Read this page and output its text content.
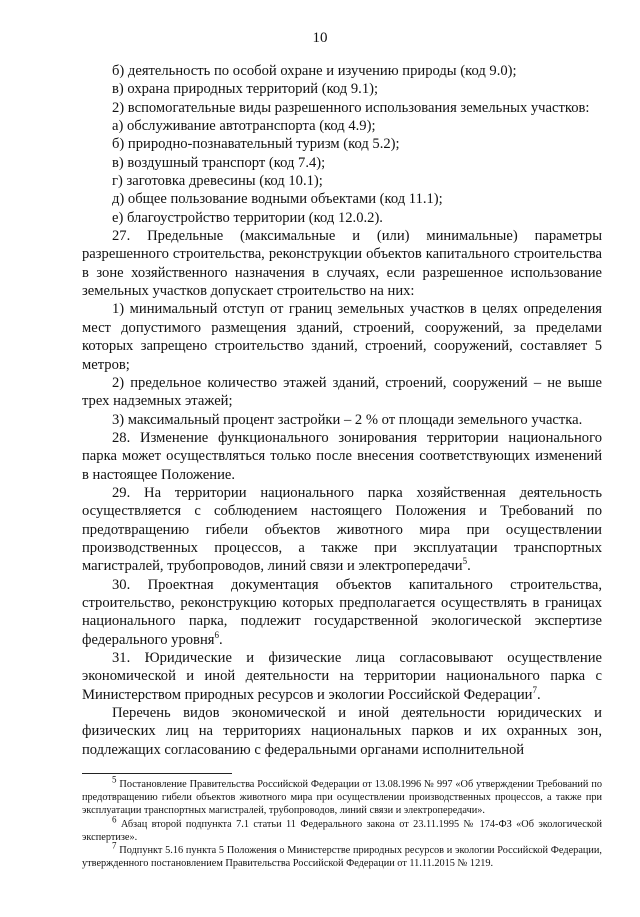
10

б) деятельность по особой охране и изучению природы (код 9.0);

в) охрана природных территорий (код 9.1);

2) вспомогательные виды разрешенного использования земельных участков:

а) обслуживание автотранспорта (код 4.9);

б) природно-познавательный туризм (код 5.2);

в) воздушный транспорт (код 7.4);

г) заготовка древесины (код 10.1);

д) общее пользование водными объектами (код 11.1);

е) благоустройство территории (код 12.0.2).

27. Предельные (максимальные и (или) минимальные) параметры разрешенного строительства, реконструкции объектов капитального строительства в зоне хозяйственного назначения в случаях, если разрешенное использование земельных участков допускает строительство на них:

1) минимальный отступ от границ земельных участков в целях определения мест допустимого размещения зданий, строений, сооружений, за пределами которых запрещено строительство зданий, строений, сооружений, составляет 5 метров;

2) предельное количество этажей зданий, строений, сооружений – не выше трех надземных этажей;

3) максимальный процент застройки – 2 % от площади земельного участка.

28. Изменение функционального зонирования территории национального парка может осуществляться только после внесения соответствующих изменений в настоящее Положение.

29. На территории национального парка хозяйственная деятельность осуществляется с соблюдением настоящего Положения и Требований по предотвращению гибели объектов животного мира при осуществлении производственных процессов, а также при эксплуатации транспортных магистралей, трубопроводов, линий связи и электропередачи$^5$.

30. Проектная документация объектов капитального строительства, строительство, реконструкцию которых предполагается осуществлять в границах национального парка, подлежит государственной экологической экспертизе федерального уровня$^6$.

31. Юридические и физические лица согласовывают осуществление экономической и иной деятельности на территории национального парка с Министерством природных ресурсов и экологии Российской Федерации$^7$.

Перечень видов экономической и иной деятельности юридических и физических лиц на территориях национальных парков и их охранных зон, подлежащих согласованию с федеральными органами исполнительной

$^5$ Постановление Правительства Российской Федерации от 13.08.1996 № 997 «Об утверждении Требований по предотвращению гибели объектов животного мира при осуществлении производственных процессов, а также при эксплуатации транспортных магистралей, трубопроводов, линий связи и электропередачи».

$^6$ Абзац второй подпункта 7.1 статьи 11 Федерального закона от 23.11.1995 № 174-ФЗ «Об экологической экспертизе».

$^7$ Подпункт 5.16 пункта 5 Положения о Министерстве природных ресурсов и экологии Российской Федерации, утвержденного постановлением Правительства Российской Федерации от 11.11.2015 № 1219.
